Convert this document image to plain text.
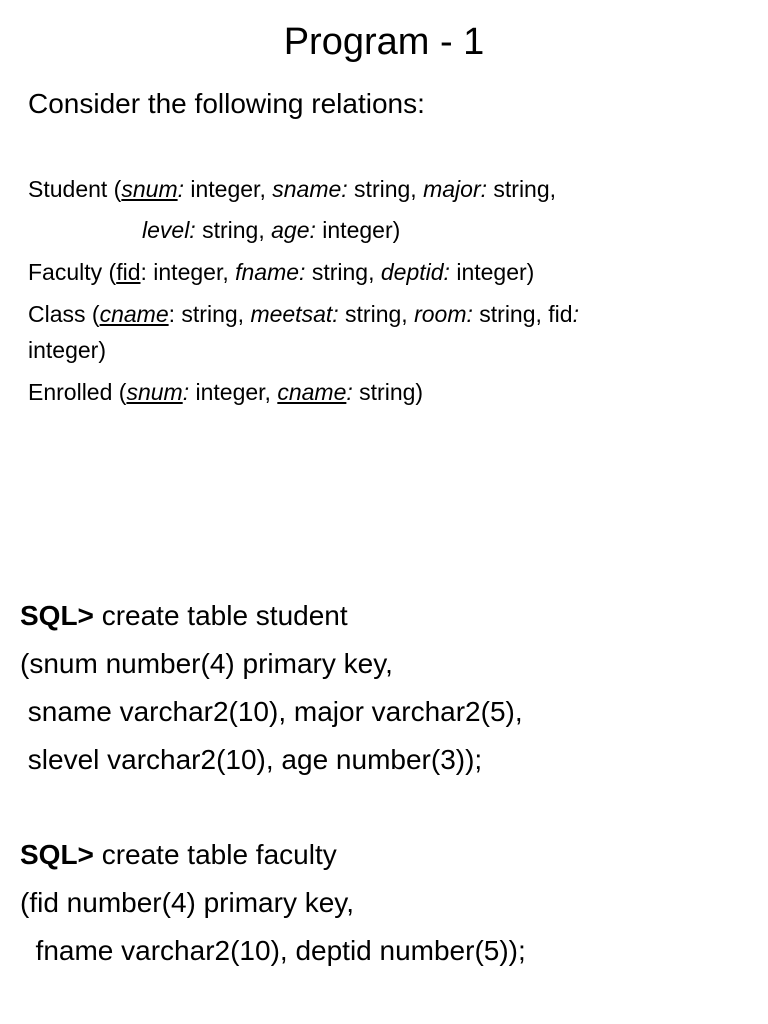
Program - 1
Consider the following relations:
Student (snum: integer, sname: string, major: string,
level: string, age: integer)
Faculty (fid: integer, fname: string, deptid: integer)
Class (cname: string, meetsat: string, room: string, fid:
integer)
Enrolled (snum: integer, cname: string)
SQL> create table student
(snum number(4) primary key,
sname varchar2(10), major varchar2(5),
slevel varchar2(10), age number(3));
SQL> create table faculty
(fid number(4) primary key,
fname varchar2(10), deptid number(5));
